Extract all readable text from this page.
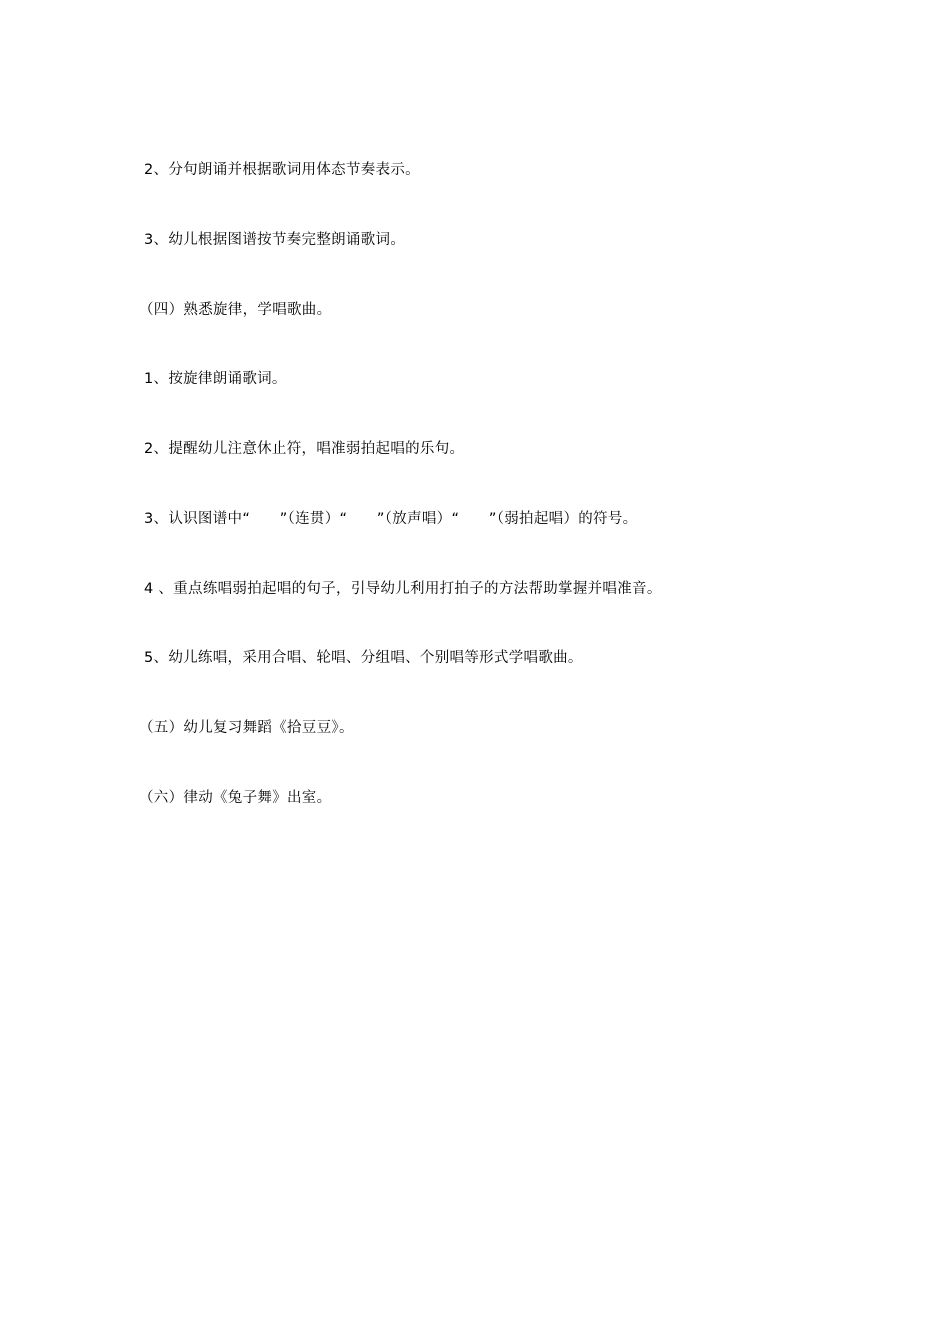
2、分句朗诵并根据歌词用体态节奏表示。
3、幼儿根据图谱按节奏完整朗诵歌词。
（四）熟悉旋律，学唱歌曲。
1、按旋律朗诵歌词。
2、提醒幼儿注意休止符，唱准弱拍起唱的乐句。
3、认识图谱中“　　”（连贯）“　　”（放声唱）“　　”（弱拍起唱）的符号。
4 、重点练唱弱拍起唱的句子，引导幼儿利用打拍子的方法帮助掌握并唱准音。
5、幼儿练唱，采用合唱、轮唱、分组唱、个别唱等形式学唱歌曲。
（五）幼儿复习舞蹈《拾豆豆》。
（六）律动《兔子舞》出室。
